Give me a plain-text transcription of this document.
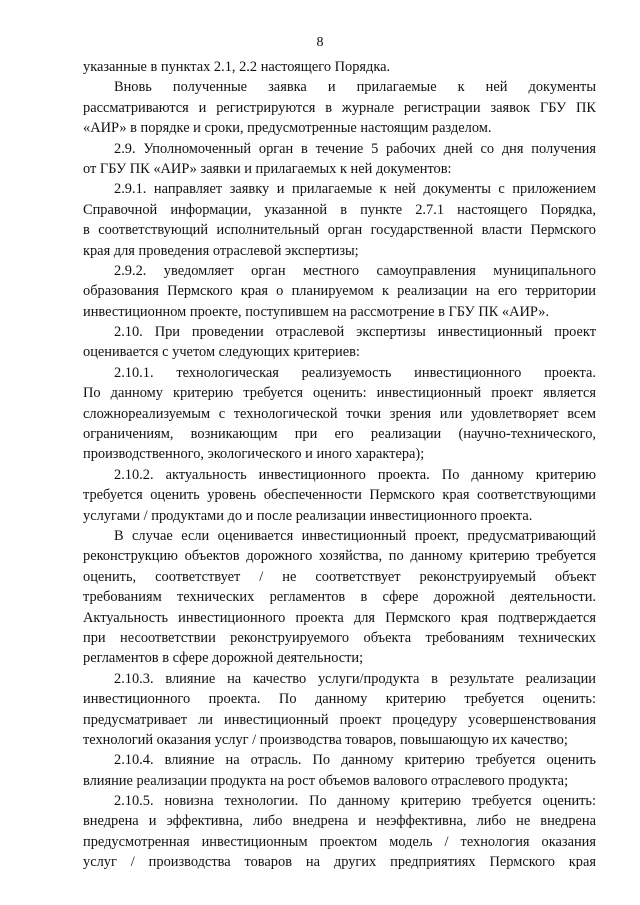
8
указанные в пунктах 2.1, 2.2 настоящего Порядка.
Вновь полученные заявка и прилагаемые к ней документы
рассматриваются и регистрируются в журнале регистрации заявок ГБУ ПК
«АИР» в порядке и сроки, предусмотренные настоящим разделом.
2.9. Уполномоченный орган в течение 5 рабочих дней со дня получения
от ГБУ ПК «АИР» заявки и прилагаемых к ней документов:
2.9.1. направляет заявку и прилагаемые к ней документы с приложением
Справочной информации, указанной в пункте 2.7.1 настоящего Порядка,
в соответствующий исполнительный орган государственной власти Пермского
края для проведения отраслевой экспертизы;
2.9.2. уведомляет орган местного самоуправления муниципального
образования Пермского края о планируемом к реализации на его территории
инвестиционном проекте, поступившем на рассмотрение в ГБУ ПК «АИР».
2.10. При проведении отраслевой экспертизы инвестиционный проект
оценивается с учетом следующих критериев:
2.10.1. технологическая реализуемость инвестиционного проекта.
По данному критерию требуется оценить: инвестиционный проект является
сложнореализуемым с технологической точки зрения или удовлетворяет всем
ограничениям, возникающим при его реализации (научно-технического,
производственного, экологического и иного характера);
2.10.2. актуальность инвестиционного проекта. По данному критерию
требуется оценить уровень обеспеченности Пермского края соответствующими
услугами / продуктами до и после реализации инвестиционного проекта.
В случае если оценивается инвестиционный проект, предусматривающий
реконструкцию объектов дорожного хозяйства, по данному критерию требуется
оценить, соответствует / не соответствует реконструируемый объект
требованиям технических регламентов в сфере дорожной деятельности.
Актуальность инвестиционного проекта для Пермского края подтверждается
при несоответствии реконструируемого объекта требованиям технических
регламентов в сфере дорожной деятельности;
2.10.3. влияние на качество услуги/продукта в результате реализации
инвестиционного проекта. По данному критерию требуется оценить:
предусматривает ли инвестиционный проект процедуру усовершенствования
технологий оказания услуг / производства товаров, повышающую их качество;
2.10.4. влияние на отрасль. По данному критерию требуется оценить
влияние реализации продукта на рост объемов валового отраслевого продукта;
2.10.5. новизна технологии. По данному критерию требуется оценить:
внедрена и эффективна, либо внедрена и неэффективна, либо не внедрена
предусмотренная инвестиционным проектом модель / технология оказания
услуг / производства товаров на других предприятиях Пермского края
